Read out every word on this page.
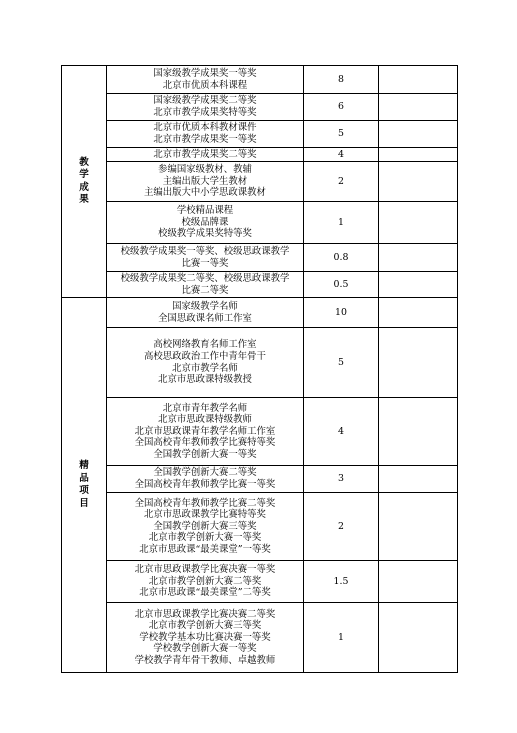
教
学
成
果	国家级教学成果奖一等奖
北京市优质本科课程	8	

	国家级教学成果奖二等奖
北京市教学成果奖特等奖	6	

	北京市优质本科教材课件
北京市教学成果奖一等奖	5	

	北京市教学成果奖二等奖	4	

	参编国家级教材、教辅
主编出版大学生教材
主编出版大中小学思政课教材	2	

	学校精品课程
校级品牌课
校级教学成果奖特等奖	1	

	校级教学成果奖一等奖、校级思政课教学
比赛一等奖	0.8	

	校级教学成果奖二等奖、校级思政课教学
比赛二等奖	0.5	

精
品
项
目	国家级教学名师
全国思政课名师工作室	10	

	高校网络教育名师工作室
高校思政政治工作中青年骨干
北京市教学名师
北京市思政课特级教授	5	

	北京市青年教学名师
北京市思政课特级教师
北京市思政课青年教学名师工作室
全国高校青年教师教学比赛特等奖
全国教学创新大赛一等奖	4	

	全国教学创新大赛二等奖
全国高校青年教师教学比赛一等奖	3	

	全国高校青年教师教学比赛二等奖
北京市思政课教学比赛特等奖
全国教学创新大赛三等奖
北京市教学创新大赛一等奖
北京市思政课“最美课堂”一等奖	2	

	北京市思政课教学比赛决赛一等奖
北京市教学创新大赛二等奖
北京市思政课“最美课堂”二等奖	1.5	

	北京市思政课教学比赛决赛二等奖
北京市教学创新大赛三等奖
学校教学基本功比赛决赛一等奖
学校教学创新大赛一等奖
学校教学青年骨干教师、卓越教师	1	
